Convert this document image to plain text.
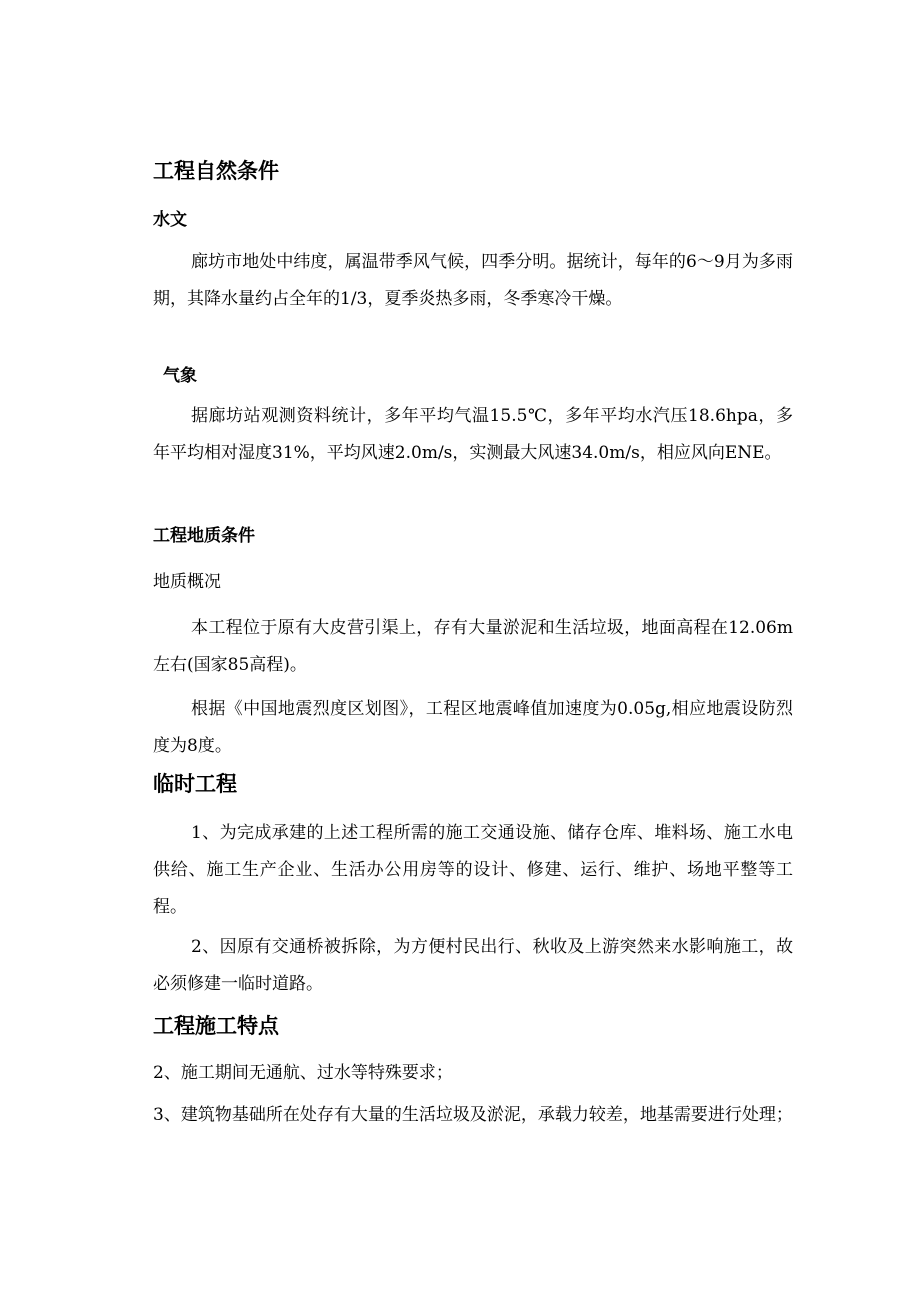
工程自然条件
水文

廊坊市地处中纬度，属温带季风气候，四季分明。据统计，每年的6～9月为多雨期，其降水量约占全年的1/3，夏季炎热多雨，冬季寒冷干燥。

气象

据廊坊站观测资料统计，多年平均气温15.5℃，多年平均水汽压18.6hpa，多年平均相对湿度31%，平均风速2.0m/s，实测最大风速34.0m/s，相应风向ENE。

工程地质条件
地质概况

本工程位于原有大皮营引渠上，存有大量淤泥和生活垃圾，地面高程在12.06m左右(国家85高程)。

根据《中国地震烈度区划图》，工程区地震峰值加速度为0.05g,相应地震设防烈度为8度。

临时工程

1、为完成承建的上述工程所需的施工交通设施、储存仓库、堆料场、施工水电供给、施工生产企业、生活办公用房等的设计、修建、运行、维护、场地平整等工程。

2、因原有交通桥被拆除，为方便村民出行、秋收及上游突然来水影响施工，故必须修建一临时道路。

工程施工特点

2、施工期间无通航、过水等特殊要求；

3、建筑物基础所在处存有大量的生活垃圾及淤泥，承载力较差，地基需要进行处理；
